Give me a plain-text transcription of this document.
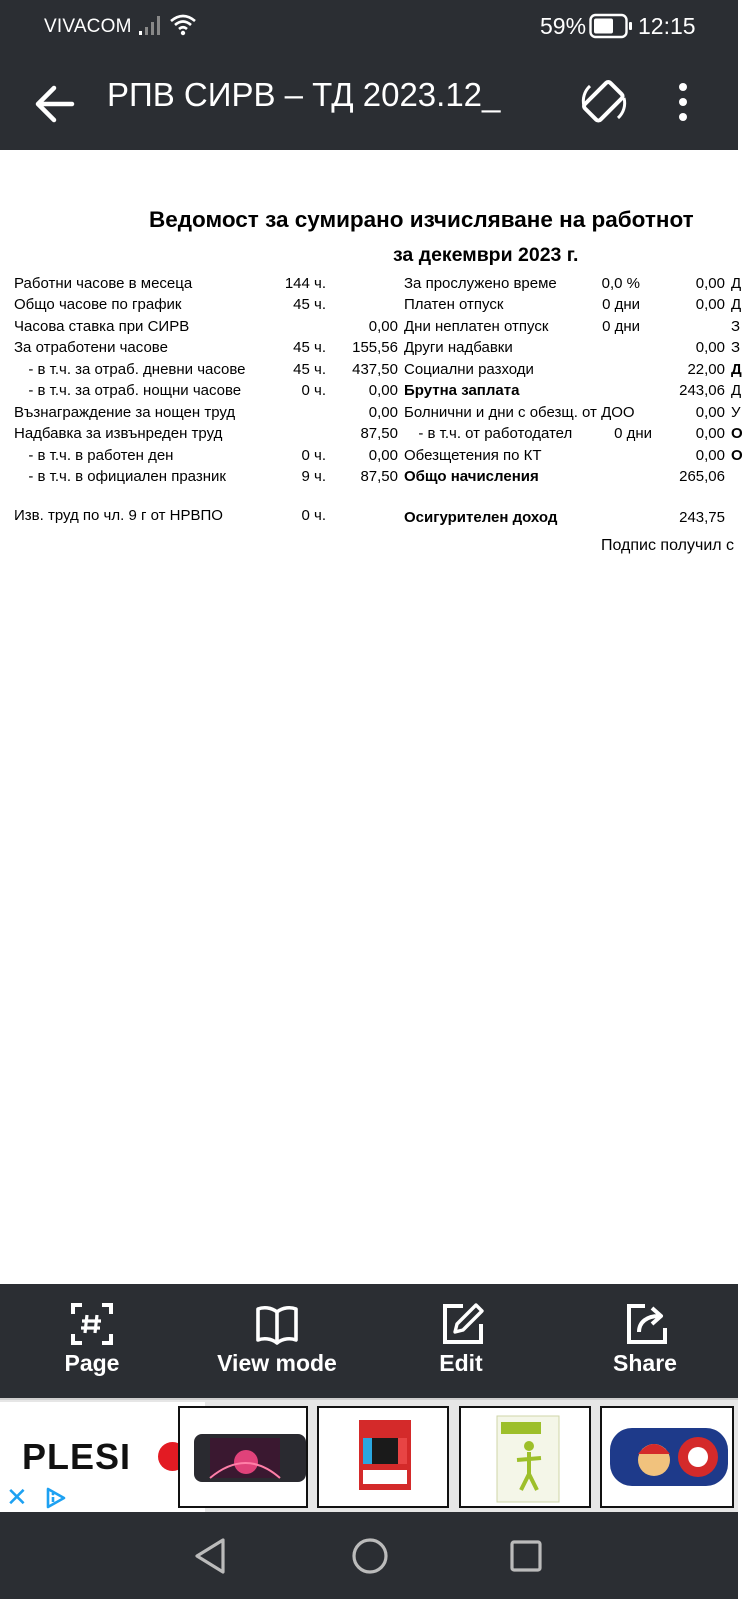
VIVACOM	59% 12:15
РПВ СИРВ – ТД 2023.12_
Ведомост за сумирано изчисляване на работнот
за декември 2023 г.
Работни часове в месеца	144 ч.
Общо часове по график	45 ч.
Часова ставка при СИРВ	0,00
За отработени часове	45 ч.	155,56
- в т.ч. за отраб. дневни часове	45 ч.	437,50
- в т.ч. за отраб. нощни часове	0 ч.	0,00
Възнаграждение за нощен труд	0,00
Надбавка за извънреден труд	87,50
- в т.ч. в работен ден	0 ч.	0,00
- в т.ч. в официален празник	9 ч.	87,50
Изв. труд по чл. 9 г от НРВПО	0 ч.
За прослужено време	0,0 %	0,00 Д
Платен отпуск	0 дни	0,00 Д
Дни неплатен отпуск	0 дни	З
Други надбавки	0,00 З
Социални разходи	22,00 Д
Брутна заплата	243,06 Д
Болнични и дни с обезщ. от ДОО	0,00 У
- в т.ч. от работодател	0 дни	0,00 О
Обезщетения по КТ	0,00 О
Общо начисления	265,06
Осигурителен доход	243,75
Подпис получил с
Page	View mode	Edit	Share
PLESI
✕
